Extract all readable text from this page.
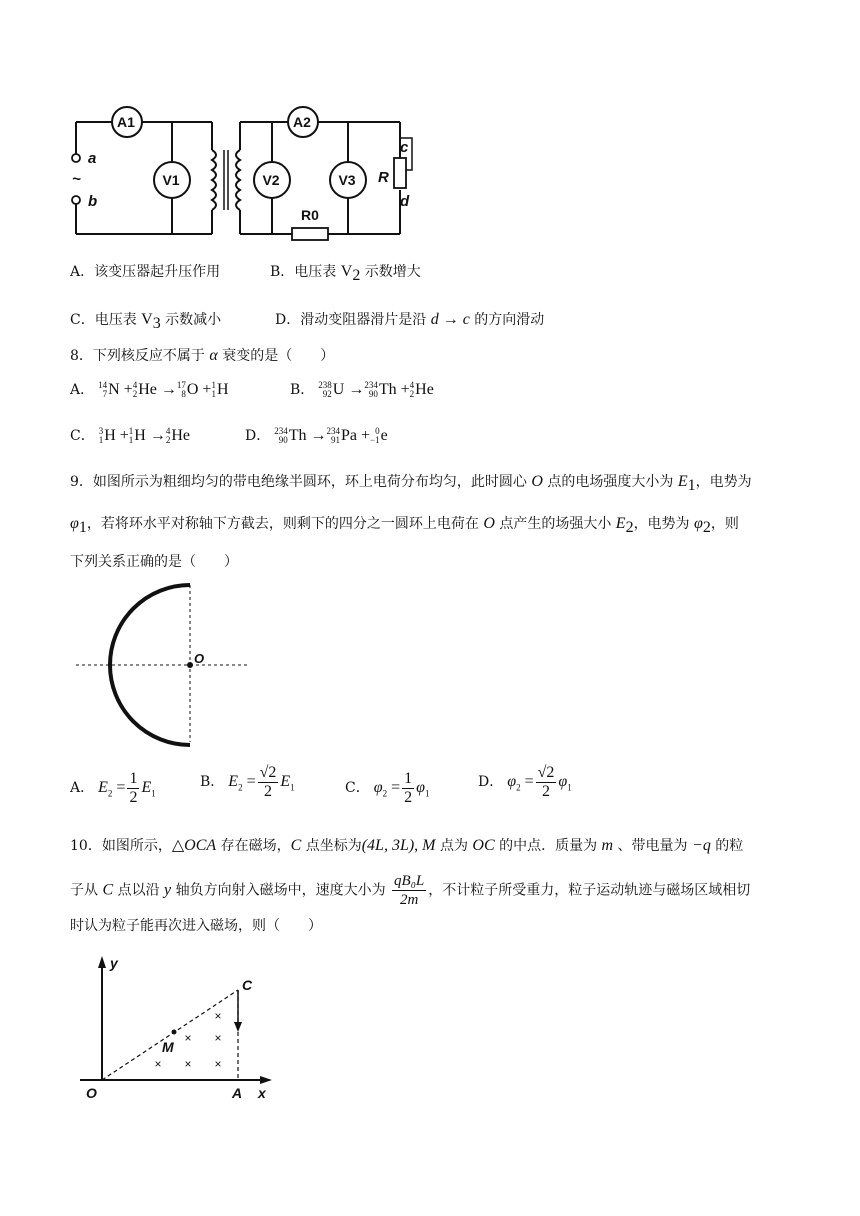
A1
V1
A2
V2	V3
R0
a
~
b
R
c
d
A．该变压器起升压作用	B．电压表 $V_2$ 示数增大
C．电压表 $V_3$ 示数减小	D．滑动变阻器滑片是沿 d → c 的方向滑动
8．下列核反应不属于 α 衰变的是（　　）
A． 14
7 N + 4
2 He → 17
8 O + 1
1 H	B． 238
92 U → 234
90 Th + 4
2 He
C． 3
1 H + 1
1 H → 4
2 He	D． 234
90 Th → 234
91 Pa + 0
−1 e
9．如图所示为粗细均匀的带电绝缘半圆环，环上电荷分布均匀，此时圆心 O 点的电场强度大小为 $E_1$，电势为
$\varphi_1$，若将环水平对称轴下方截去，则剩下的四分之一圆环上电荷在 O 点产生的场强大小 $E_2$，电势为 $\varphi_2$，则
下列关系正确的是（　　）
O
A． $E_2 = \frac{1}{2} E_1$
B． $E_2 = \frac{√2}{2} E_1$	C． $\varphi_2 = \frac{1}{2} \varphi_1$
D． $\varphi_2 = \frac{√2}{2} \varphi_1$
10．如图所示，△OCA 存在磁场，C 点坐标为(4L, 3L), M 点为 OC 的中点．质量为 m 、带电量为 −q 的粒
子从 C 点以沿 y 轴负方向射入磁场中，速度大小为 $\frac{\text{qB₀L}}{2m}$ ，不计粒子所受重力，粒子运动轨迹与磁场区域相切
时认为粒子能再次进入磁场，则（　　）
×
× ×
× × ×
y
C
M
O	A x
